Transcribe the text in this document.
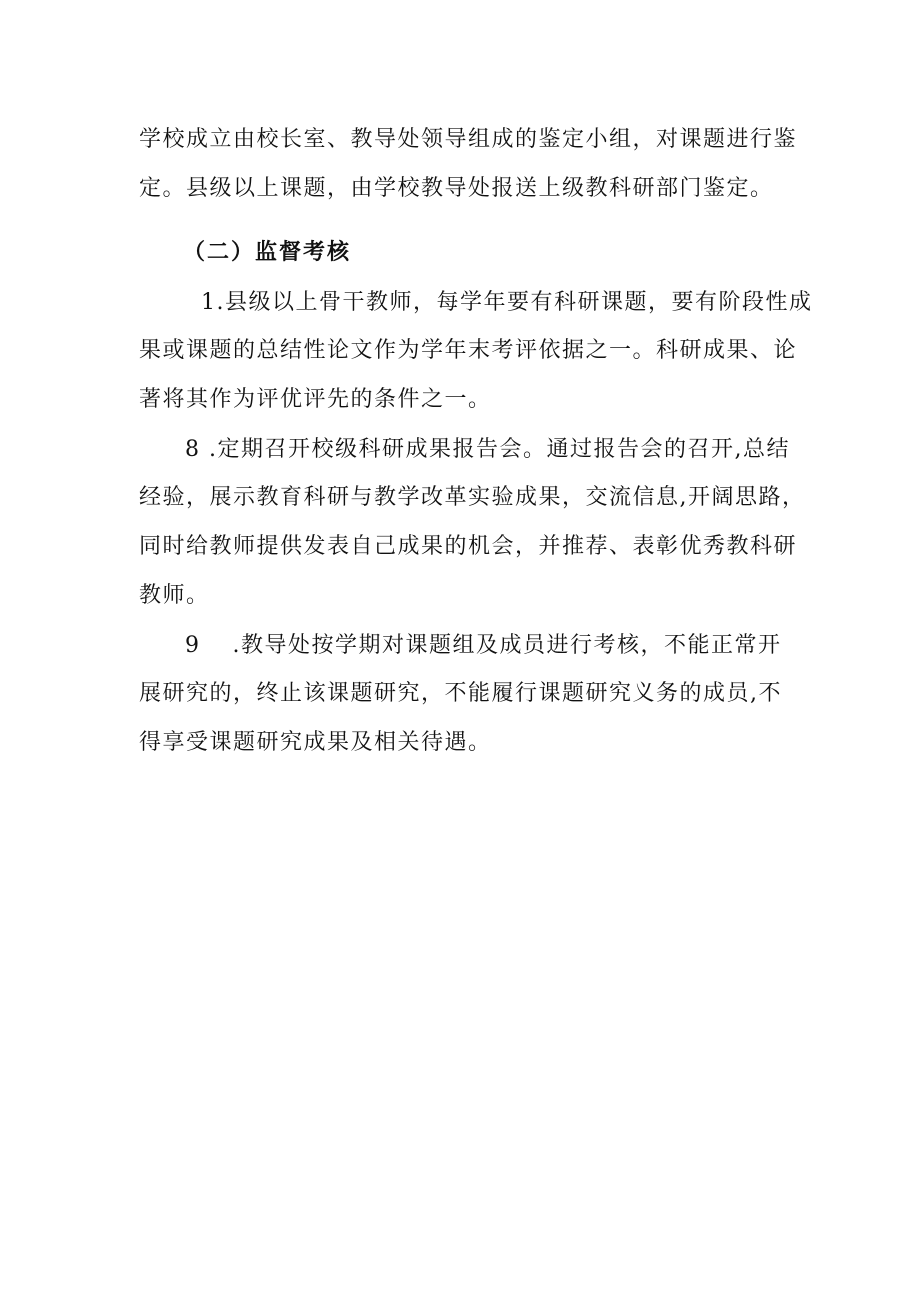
学校成立由校长室、教导处领导组成的鉴定小组，对课题进行鉴
定。县级以上课题，由学校教导处报送上级教科研部门鉴定。
（二）监督考核
1.县级以上骨干教师，每学年要有科研课题，要有阶段性成
果或课题的总结性论文作为学年末考评依据之一。科研成果、论
著将其作为评优评先的条件之一。
8 .定期召开校级科研成果报告会。通过报告会的召开,总结
经验，展示教育科研与教学改革实验成果，交流信息,开阔思路，
同时给教师提供发表自己成果的机会，并推荐、表彰优秀教科研
教师。
9　 .教导处按学期对课题组及成员进行考核，不能正常开
展研究的，终止该课题研究，不能履行课题研究义务的成员,不
得享受课题研究成果及相关待遇。
